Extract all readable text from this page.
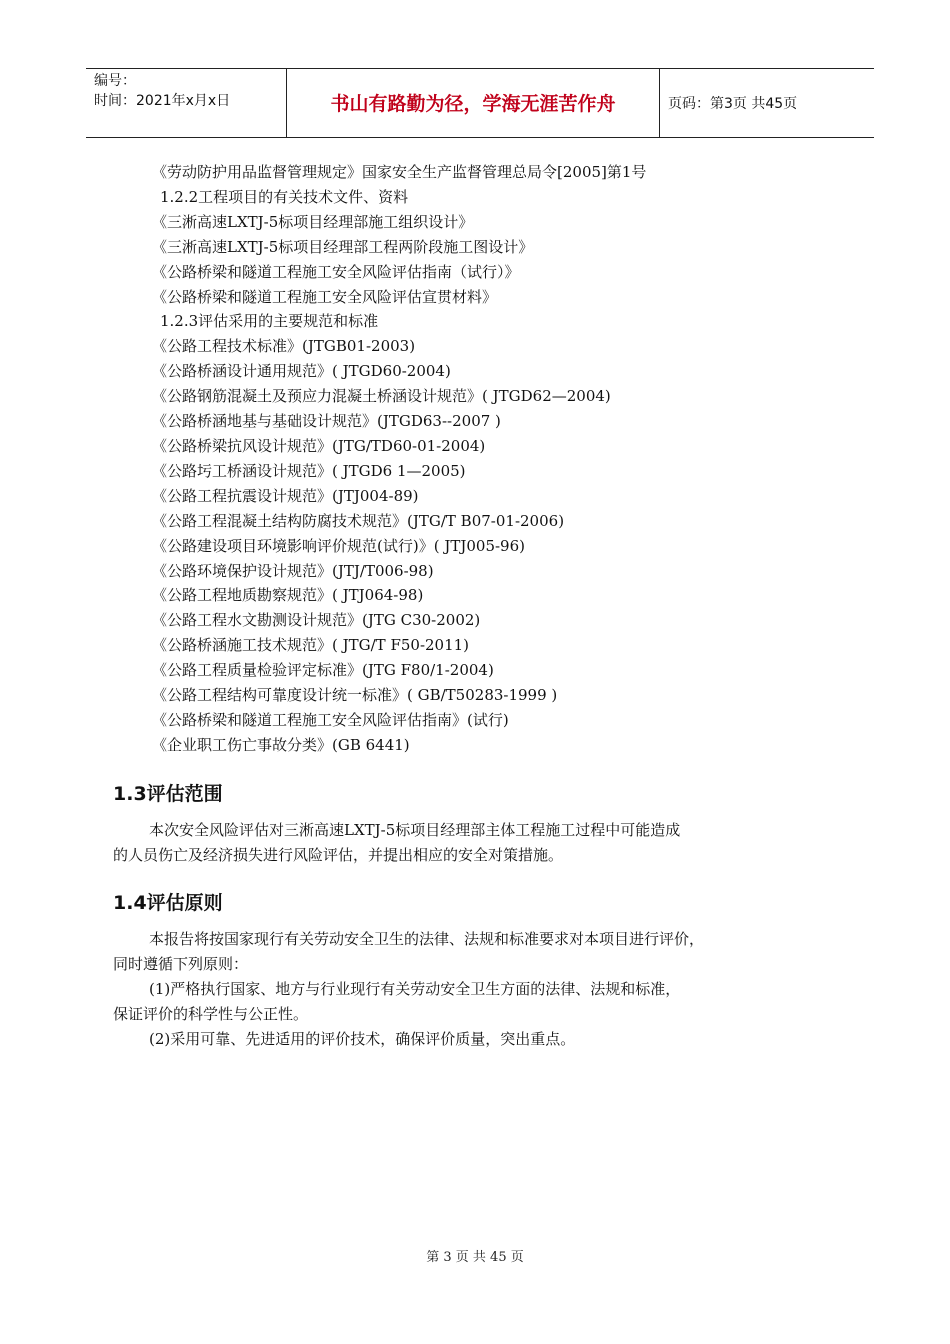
编号：
时间：2021年x月x日	书山有路勤为径，学海无涯苦作舟	页码：第3页 共45页
《劳动防护用品监督管理规定》国家安全生产监督管理总局令[2005]第1号
1.2.2工程项目的有关技术文件、资料
《三淅高速LXTJ-5标项目经理部施工组织设计》
《三淅高速LXTJ-5标项目经理部工程两阶段施工图设计》
《公路桥梁和隧道工程施工安全风险评估指南（试行）》
《公路桥梁和隧道工程施工安全风险评估宣贯材料》
1.2.3评估采用的主要规范和标准
《公路工程技术标准》(JTGB01-2003)
《公路桥涵设计通用规范》( JTGD60-2004)
《公路钢筋混凝土及预应力混凝土桥涵设计规范》( JTGD62—2004)
《公路桥涵地基与基础设计规范》(JTGD63--2007 )
《公路桥梁抗风设计规范》(JTG/TD60-01-2004)
《公路圬工桥涵设计规范》( JTGD6 1—2005)
《公路工程抗震设计规范》(JTJ004-89)
《公路工程混凝土结构防腐技术规范》(JTG/T B07-01-2006)
《公路建设项目环境影响评价规范(试行)》( JTJ005-96)
《公路环境保护设计规范》(JTJ/T006-98)
《公路工程地质勘察规范》( JTJ064-98)
《公路工程水文勘测设计规范》(JTG C30-2002)
《公路桥涵施工技术规范》( JTG/T F50-2011)
《公路工程质量检验评定标准》(JTG F80/1-2004)
《公路工程结构可靠度设计统一标准》( GB/T50283-1999 )
《公路桥梁和隧道工程施工安全风险评估指南》(试行)
《企业职工伤亡事故分类》(GB 6441)
1.3评估范围
本次安全风险评估对三淅高速LXTJ-5标项目经理部主体工程施工过程中可能造成
的人员伤亡及经济损失进行风险评估，并提出相应的安全对策措施。
1.4评估原则
本报告将按国家现行有关劳动安全卫生的法律、法规和标准要求对本项目进行评价，
同时遵循下列原则：
(1)严格执行国家、地方与行业现行有关劳动安全卫生方面的法律、法规和标准，
保证评价的科学性与公正性。
(2)采用可靠、先进适用的评价技术，确保评价质量，突出重点。
第 3 页 共 45 页
